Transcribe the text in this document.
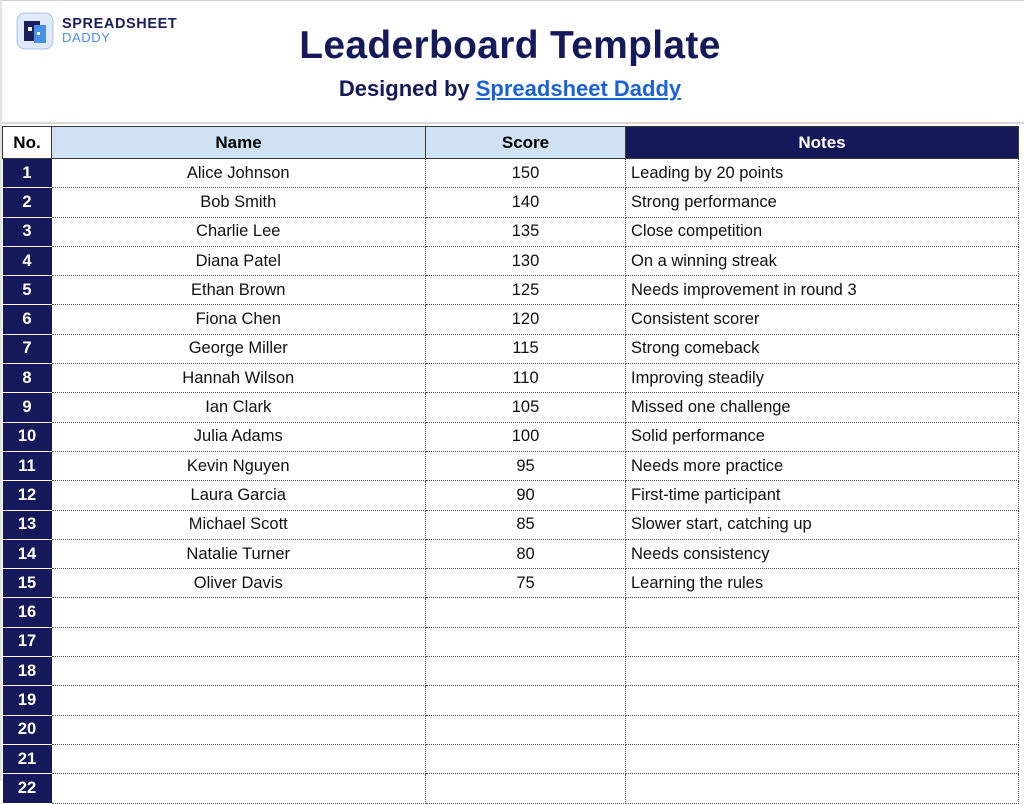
SPREADSHEET
DADDY	Leaderboard Template
Designed by Spreadsheet Daddy
No.	Name	Score	Notes
1	Alice Johnson	150	Leading by 20 points
2	Bob Smith	140	Strong performance
3	Charlie Lee	135	Close competition
4	Diana Patel	130	On a winning streak
5	Ethan Brown	125	Needs improvement in round 3
6	Fiona Chen	120	Consistent scorer
7	George Miller	115	Strong comeback
8	Hannah Wilson	110	Improving steadily
9	Ian Clark	105	Missed one challenge
10	Julia Adams	100	Solid performance
11	Kevin Nguyen	95	Needs more practice
12	Laura Garcia	90	First-time participant
13	Michael Scott	85	Slower start, catching up
14	Natalie Turner	80	Needs consistency
15	Oliver Davis	75	Learning the rules
16			
17			
18			
19			
20			
21			
22			
